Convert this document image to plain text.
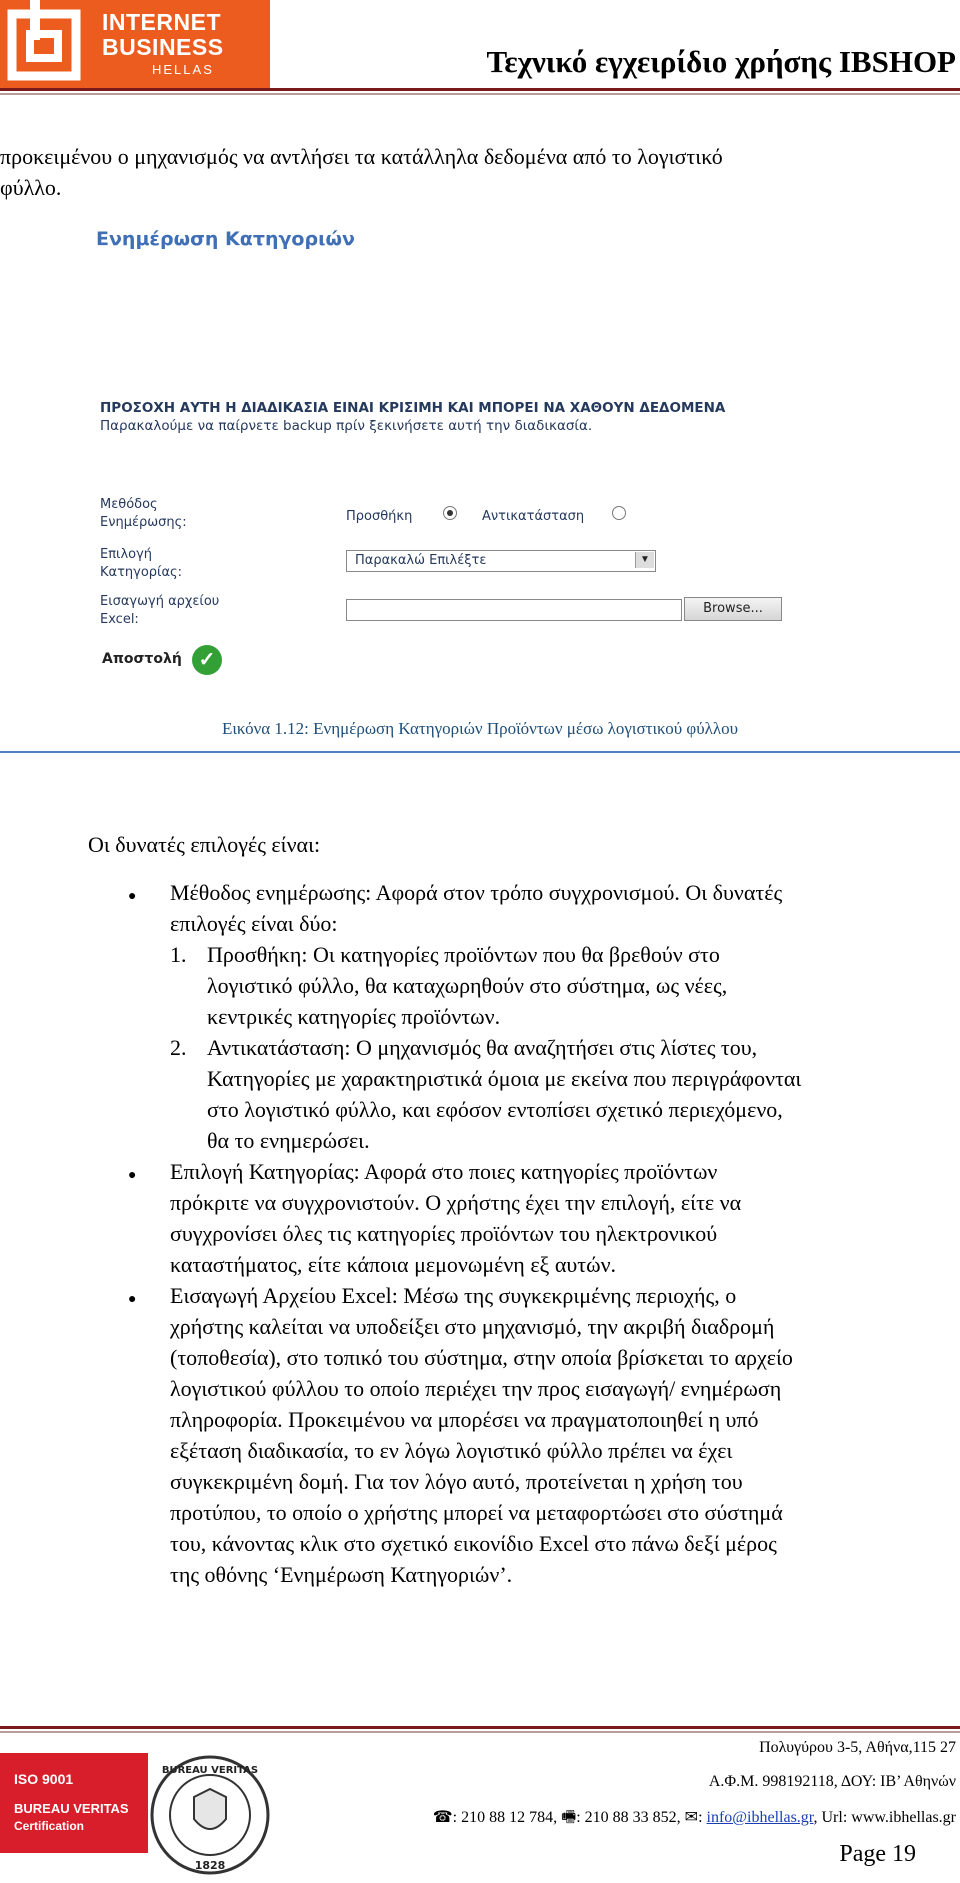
INTERNET
BUSINESS
HELLAS	Τεχνικό εγχειρίδιο χρήσης IBSHOP
προκειμένου ο μηχανισμός να αντλήσει τα κατάλληλα δεδομένα από το λογιστικό
φύλλο.
Ενημέρωση Κατηγοριών
ΠΡΟΣΟΧΗ ΑΥΤΗ Η ΔΙΑΔΙΚΑΣΙΑ ΕΙΝΑΙ ΚΡΙΣΙΜΗ ΚΑΙ ΜΠΟΡΕΙ ΝΑ ΧΑΘΟΥΝ ΔΕΔΟΜΕΝΑ
Παρακαλούμε να παίρνετε backup πρίν ξεκινήσετε αυτή την διαδικασία.
Μεθόδος
Ενημέρωσης:	Προσθήκη	Αντικατάσταση
Επιλογή
Κατηγορίας:
Παρακαλώ Επιλέξτε	▼
Εισαγωγή αρχείου
Excel:
Browse...
Αποστολή ✓
Εικόνα 1.12: Ενημέρωση Κατηγοριών Προϊόντων μέσω λογιστικού φύλλου
Οι δυνατές επιλογές είναι:
● Μέθοδος ενημέρωσης: Αφορά στον τρόπο συγχρονισμού. Οι δυνατές
επιλογές είναι δύο:
1. Προσθήκη: Οι κατηγορίες προϊόντων που θα βρεθούν στο
λογιστικό φύλλο, θα καταχωρηθούν στο σύστημα, ως νέες,
κεντρικές κατηγορίες προϊόντων.
2. Αντικατάσταση: Ο μηχανισμός θα αναζητήσει στις λίστες του,
Κατηγορίες με χαρακτηριστικά όμοια με εκείνα που περιγράφονται
στο λογιστικό φύλλο, και εφόσον εντοπίσει σχετικό περιεχόμενο,
θα το ενημερώσει.
● Επιλογή Κατηγορίας: Αφορά στο ποιες κατηγορίες προϊόντων
πρόκριτε να συγχρονιστούν. Ο χρήστης έχει την επιλογή, είτε να
συγχρονίσει όλες τις κατηγορίες προϊόντων του ηλεκτρονικού
καταστήματος, είτε κάποια μεμονωμένη εξ αυτών.
● Εισαγωγή Αρχείου Excel: Μέσω της συγκεκριμένης περιοχής, ο
χρήστης καλείται να υποδείξει στο μηχανισμό, την ακριβή διαδρομή
(τοποθεσία), στο τοπικό του σύστημα, στην οποία βρίσκεται το αρχείο
λογιστικού φύλλου το οποίο περιέχει την προς εισαγωγή/ ενημέρωση
πληροφορία. Προκειμένου να μπορέσει να πραγματοποιηθεί η υπό
εξέταση διαδικασία, το εν λόγω λογιστικό φύλλο πρέπει να έχει
συγκεκριμένη δομή. Για τον λόγο αυτό, προτείνεται η χρήση του
προτύπου, το οποίο ο χρήστης μπορεί να μεταφορτώσει στο σύστημά
του, κάνοντας κλικ στο σχετικό εικονίδιο Excel στο πάνω δεξί μέρος
της οθόνης ‘Ενημέρωση Κατηγοριών’.
Πολυγύρου 3-5, Αθήνα,115 27
Α.Φ.Μ. 998192118, ΔΟΥ: ΙΒ’ Αθηνών
☎: 210 88 12 784, 🖷: 210 88 33 852, ✉: info@ibhellas.gr, Url: www.ibhellas.gr
ISO 9001
BUREAU VERITAS
Certification
BUREAU VERITAS
1828	Page 19
